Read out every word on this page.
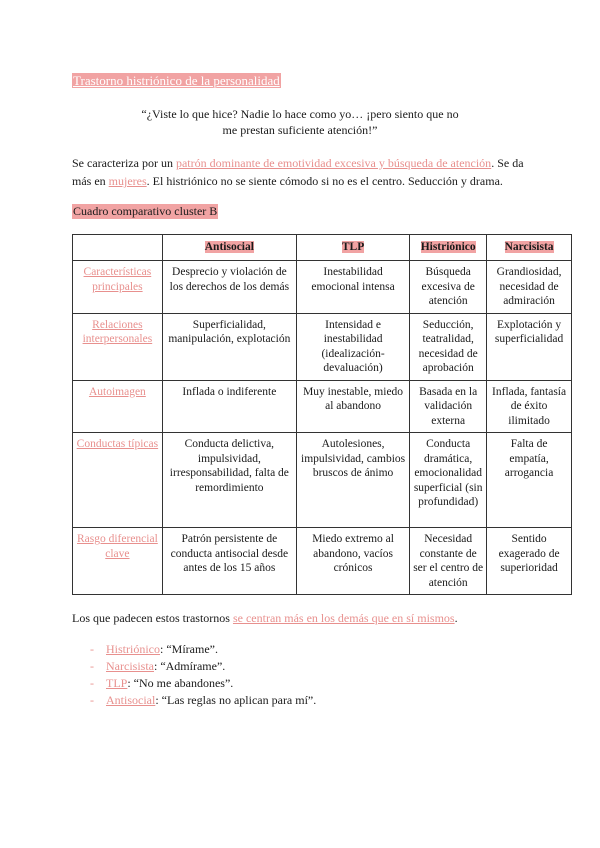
Trastorno histriónico de la personalidad
“¿Viste lo que hice? Nadie lo hace como yo… ¡pero siento que no
me prestan suficiente atención!”
Se caracteriza por un patrón dominante de emotividad excesiva y búsqueda de atención. Se da más en mujeres. El histriónico no se siente cómodo si no es el centro. Seducción y drama.
Cuadro comparativo cluster B
	Antisocial	TLP	Histriónico	Narcisista
Características principales	Desprecio y violación de los derechos de los demás	Inestabilidad emocional intensa	Búsqueda excesiva de atención	Grandiosidad, necesidad de admiración
Relaciones interpersonales	Superficialidad, manipulación, explotación	Intensidad e inestabilidad (idealización-devaluación)	Seducción, teatralidad, necesidad de aprobación	Explotación y superficialidad
Autoimagen	Inflada o indiferente	Muy inestable, miedo al abandono	Basada en la validación externa	Inflada, fantasía de éxito ilimitado
Conductas típicas	Conducta delictiva, impulsividad, irresponsabilidad, falta de remordimiento	Autolesiones, impulsividad, cambios bruscos de ánimo	Conducta dramática, emocionalidad superficial (sin profundidad)	Falta de empatía, arrogancia
Rasgo diferencial clave	Patrón persistente de conducta antisocial desde antes de los 15 años	Miedo extremo al abandono, vacíos crónicos	Necesidad constante de ser el centro de atención	Sentido exagerado de superioridad
Los que padecen estos trastornos se centran más en los demás que en sí mismos.
- Histriónico: “Mírame”.
- Narcisista: “Admírame”.
- TLP: “No me abandones”.
- Antisocial: “Las reglas no aplican para mí”.
